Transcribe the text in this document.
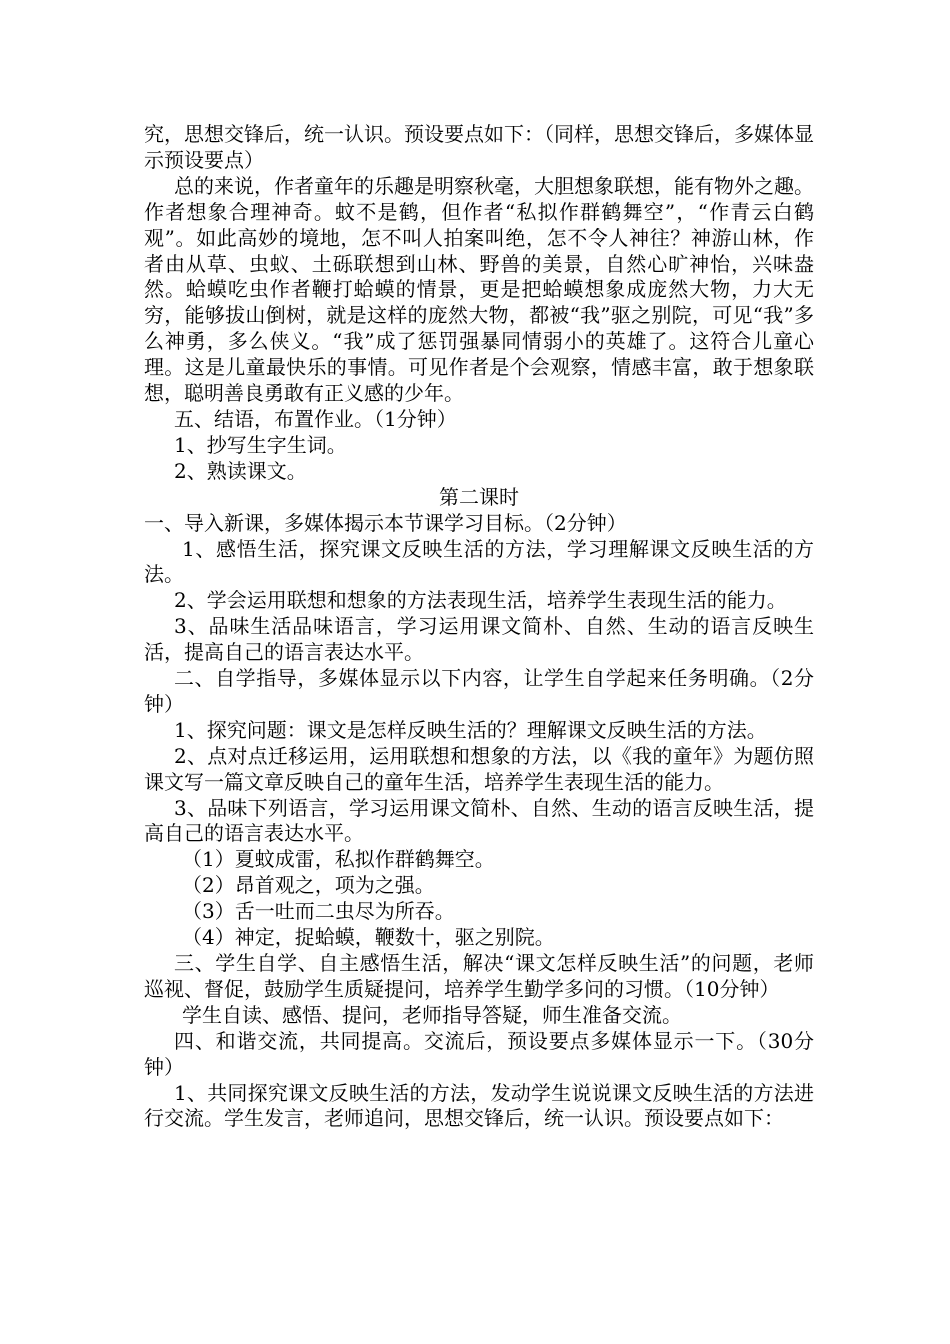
究，思想交锋后，统一认识。预设要点如下：（同样，思想交锋后，多媒体显示预设要点）

总的来说，作者童年的乐趣是明察秋毫，大胆想象联想，能有物外之趣。作者想象合理神奇。蚊不是鹤，但作者“私拟作群鹤舞空”，“作青云白鹤观”。如此高妙的境地，怎不叫人拍案叫绝，怎不令人神往？神游山林，作者由从草、虫蚁、土砾联想到山林、野兽的美景，自然心旷神怡，兴味盎然。蛤蟆吃虫作者鞭打蛤蟆的情景，更是把蛤蟆想象成庞然大物，力大无穷，能够拔山倒树，就是这样的庞然大物，都被“我”驱之别院，可见“我”多么神勇，多么侠义。“我”成了惩罚强暴同情弱小的英雄了。这符合儿童心理。这是儿童最快乐的事情。可见作者是个会观察，情感丰富，敢于想象联想，聪明善良勇敢有正义感的少年。

五、结语，布置作业。（1分钟）

1、抄写生字生词。

2、熟读课文。

第二课时

一、导入新课，多媒体揭示本节课学习目标。（2分钟）

1、感悟生活，探究课文反映生活的方法，学习理解课文反映生活的方法。

2、学会运用联想和想象的方法表现生活，培养学生表现生活的能力。

3、品味生活品味语言，学习运用课文简朴、自然、生动的语言反映生活，提高自己的语言表达水平。

二、自学指导，多媒体显示以下内容，让学生自学起来任务明确。（2分钟）

1、探究问题：课文是怎样反映生活的？理解课文反映生活的方法。

2、点对点迁移运用，运用联想和想象的方法，以《我的童年》为题仿照课文写一篇文章反映自己的童年生活，培养学生表现生活的能力。

3、品味下列语言，学习运用课文简朴、自然、生动的语言反映生活，提高自己的语言表达水平。

（1）夏蚊成雷，私拟作群鹤舞空。

（2）昂首观之，项为之强。

（3）舌一吐而二虫尽为所吞。

（4）神定，捉蛤蟆，鞭数十，驱之别院。

三、学生自学、自主感悟生活，解决“课文怎样反映生活”的问题，老师巡视、督促，鼓励学生质疑提问，培养学生勤学多问的习惯。（10分钟）

学生自读、感悟、提问，老师指导答疑，师生准备交流。

四、和谐交流，共同提高。交流后，预设要点多媒体显示一下。（30分钟）

1、共同探究课文反映生活的方法，发动学生说说课文反映生活的方法进行交流。学生发言，老师追问，思想交锋后，统一认识。预设要点如下：
